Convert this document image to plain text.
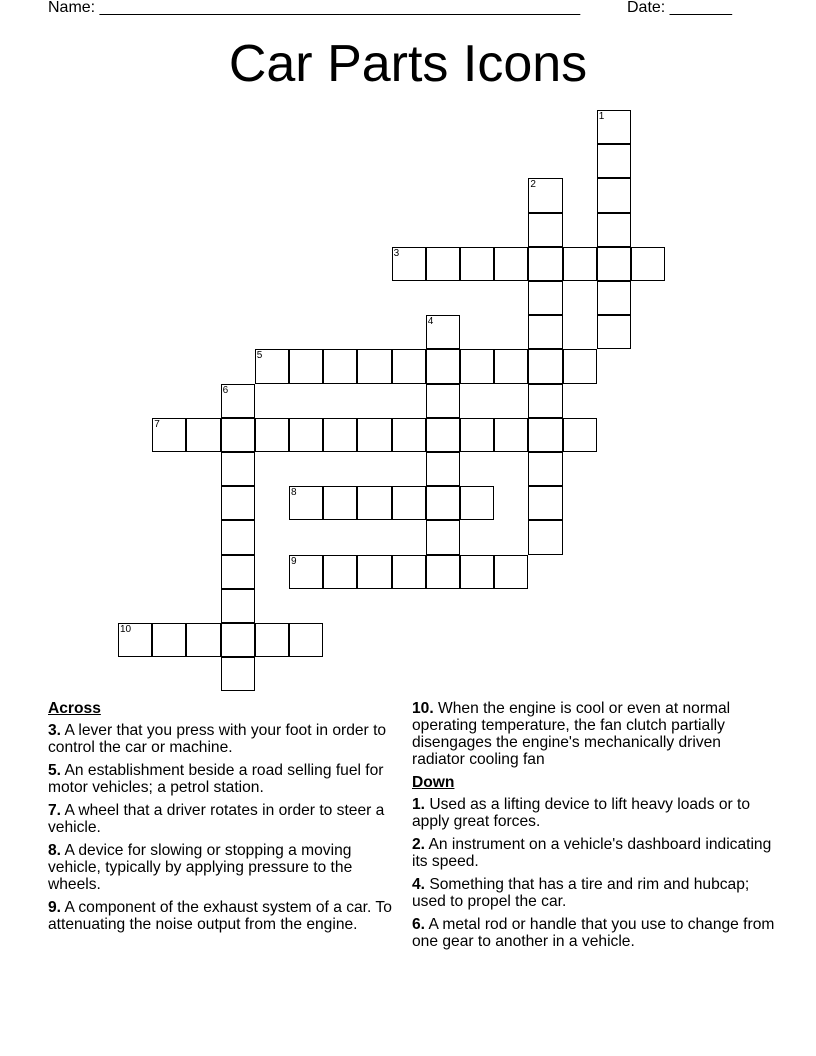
Name: ______________________________________________________	Date: _______
Car Parts Icons
1
2
3
4
5
6
7
8
9
10
Across
3. A lever that you press with your foot in order to control the car or machine.
5. An establishment beside a road selling fuel for motor vehicles; a petrol station.
7. A wheel that a driver rotates in order to steer a vehicle.
8. A device for slowing or stopping a moving vehicle, typically by applying pressure to the wheels.
9. A component of the exhaust system of a car. To attenuating the noise output from the engine.
10. When the engine is cool or even at normal operating temperature, the fan clutch partially disengages the engine's mechanically driven radiator cooling fan
Down
1. Used as a lifting device to lift heavy loads or to apply great forces.
2. An instrument on a vehicle's dashboard indicating its speed.
4. Something that has a tire and rim and hubcap; used to propel the car.
6. A metal rod or handle that you use to change from one gear to another in a vehicle.
